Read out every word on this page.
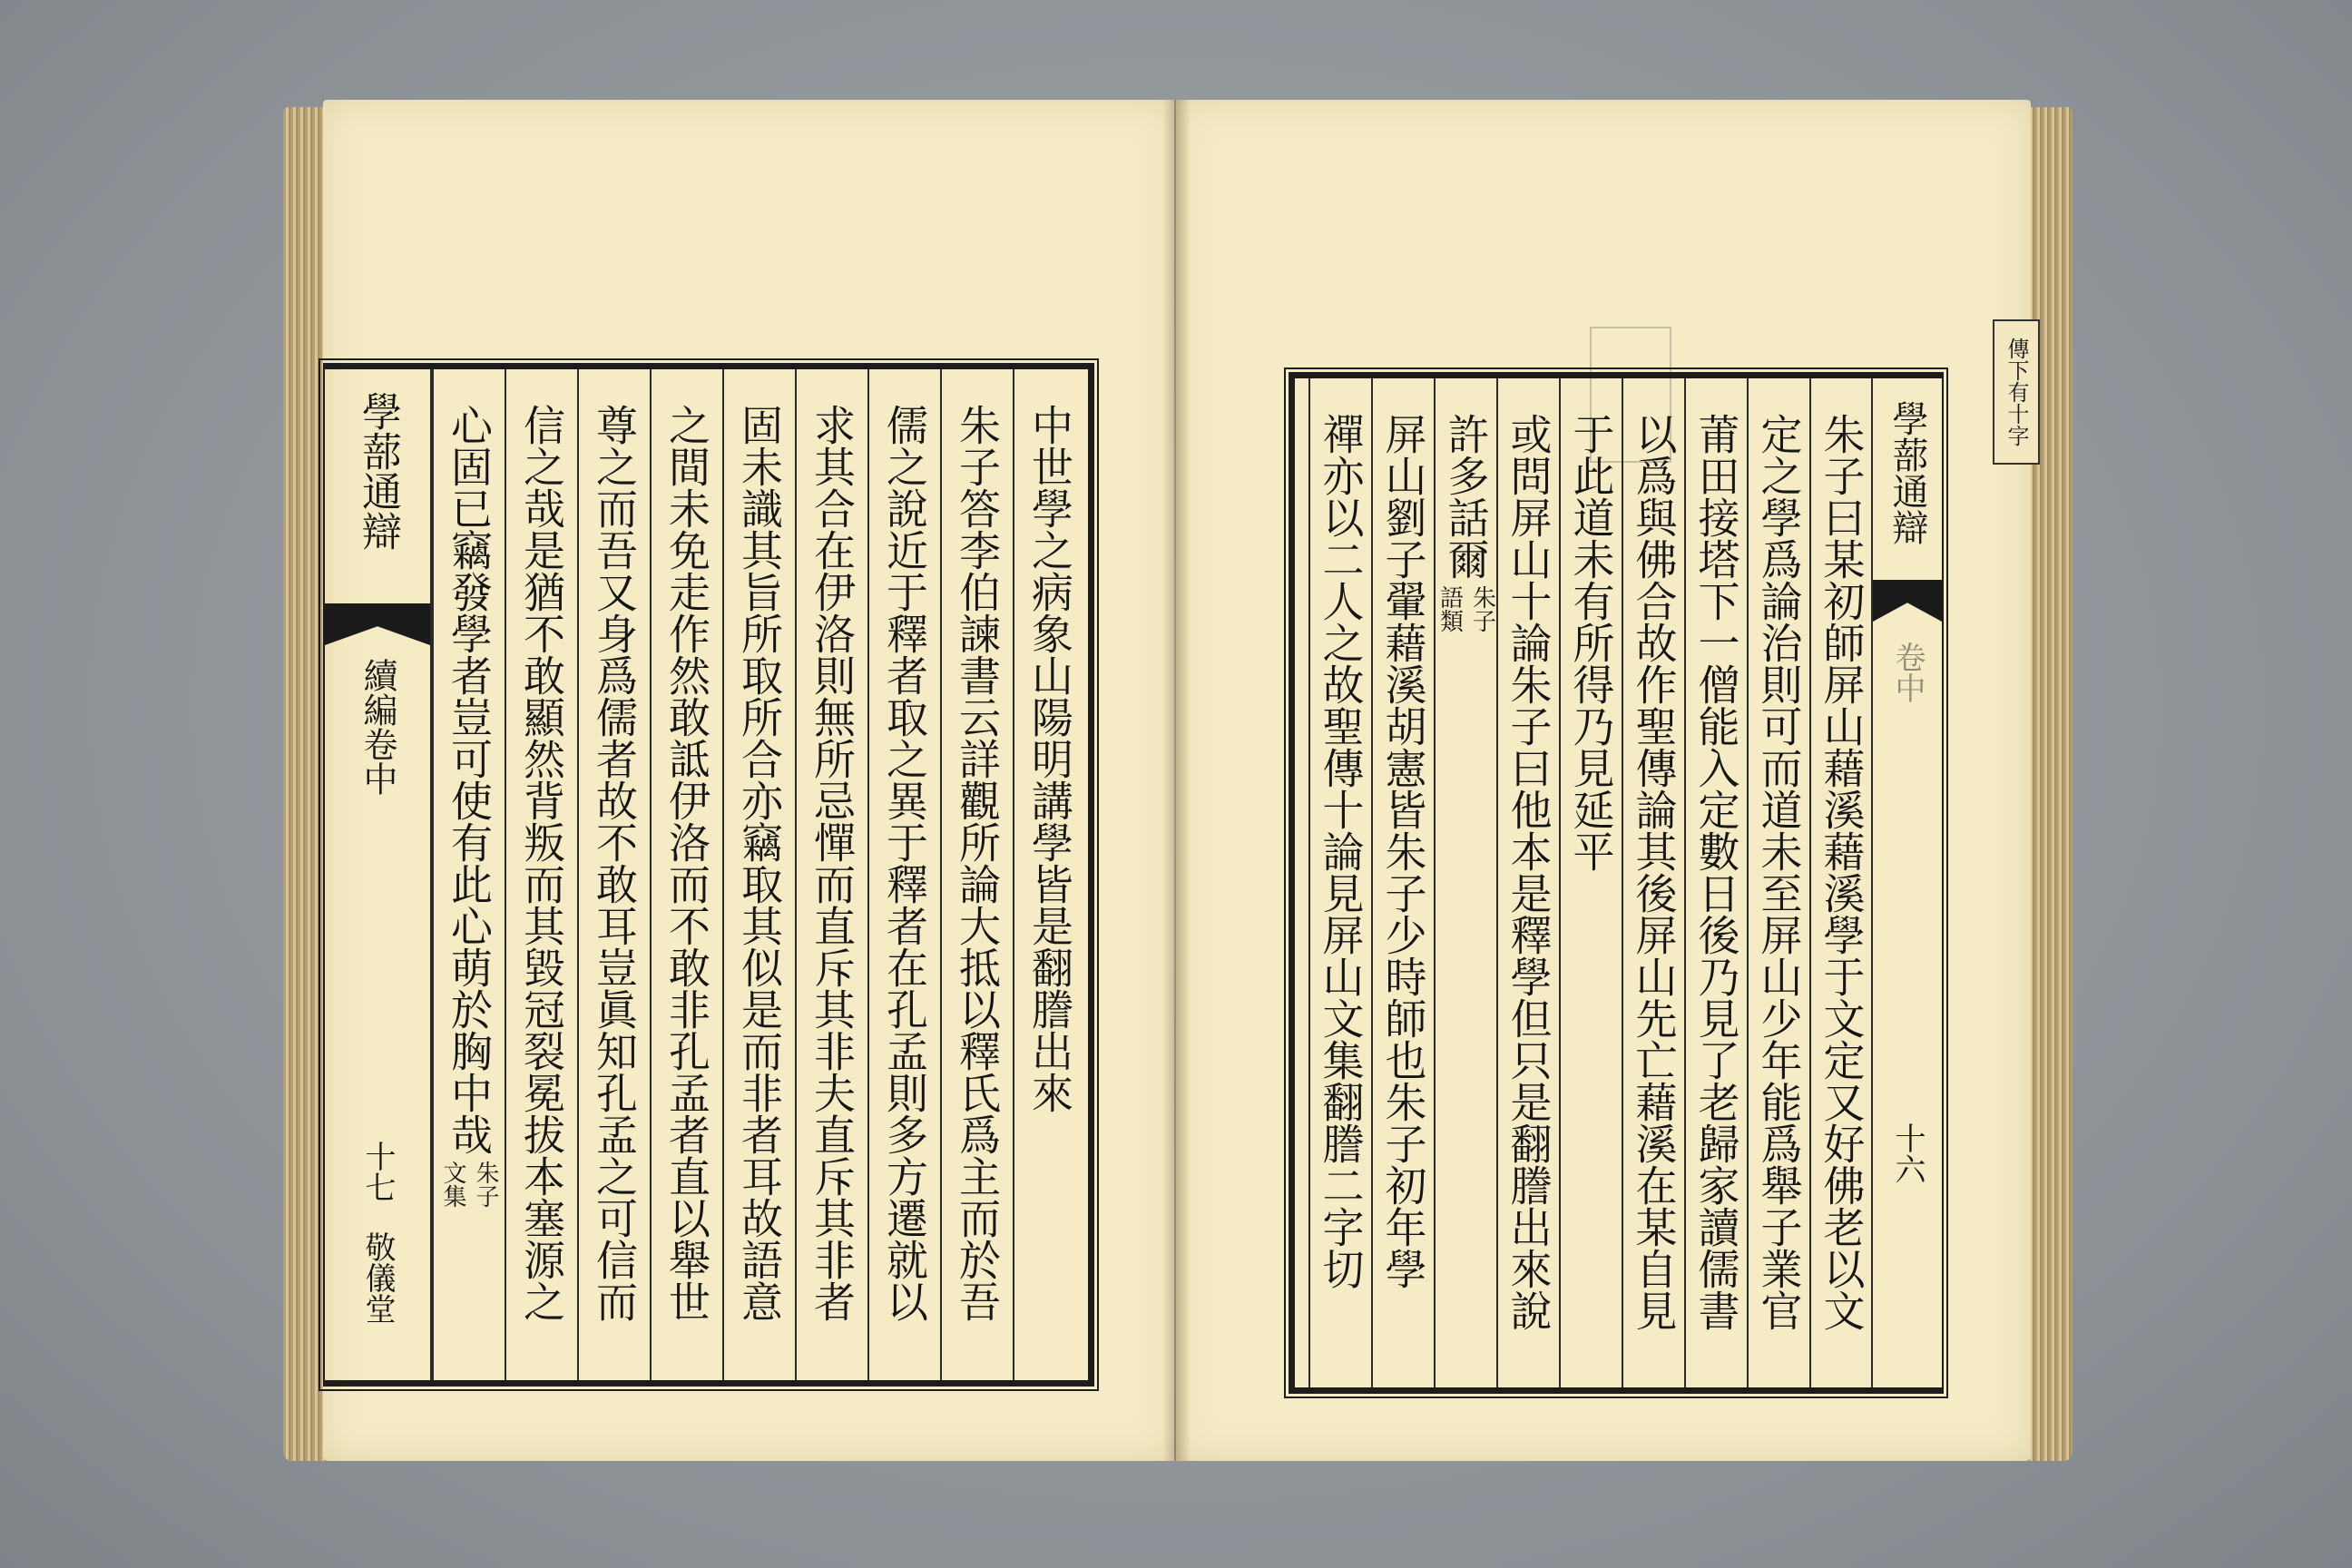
傳下有十字
學蔀通辯
續編卷中
十七
敬儀堂
中世學之病象山陽明講學皆是翻謄出來
朱子答李伯諫書云詳觀所論大抵以釋氏爲主而於吾
儒之說近于釋者取之異于釋者在孔孟則多方遷就以
求其合在伊洛則無所忌憚而直斥其非夫直斥其非者
固未識其旨所取所合亦竊取其似是而非者耳故語意
之間未免走作然敢詆伊洛而不敢非孔孟者直以舉世
尊之而吾又身爲儒者故不敢耳豈眞知孔孟之可信而
信之哉是猶不敢顯然背叛而其毀冠裂冕拔本塞源之
心固已竊發學者豈可使有此心萌於胸中哉
朱子
文集	朱子曰某初師屏山藉溪藉溪學于文定又好佛老以文
定之學爲論治則可而道未至屏山少年能爲舉子業官
莆田接塔下一僧能入定數日後乃見了老歸家讀儒書
以爲與佛合故作聖傳論其後屏山先亡藉溪在某自見
于此道未有所得乃見延平
或問屏山十論朱子曰他本是釋學但只是翻謄出來說
許多話爾
朱子
語類
屏山劉子翬藉溪胡憲皆朱子少時師也朱子初年學
禪亦以二人之故聖傳十論見屏山文集翻謄二字切	學蔀通辯
卷中
十六
